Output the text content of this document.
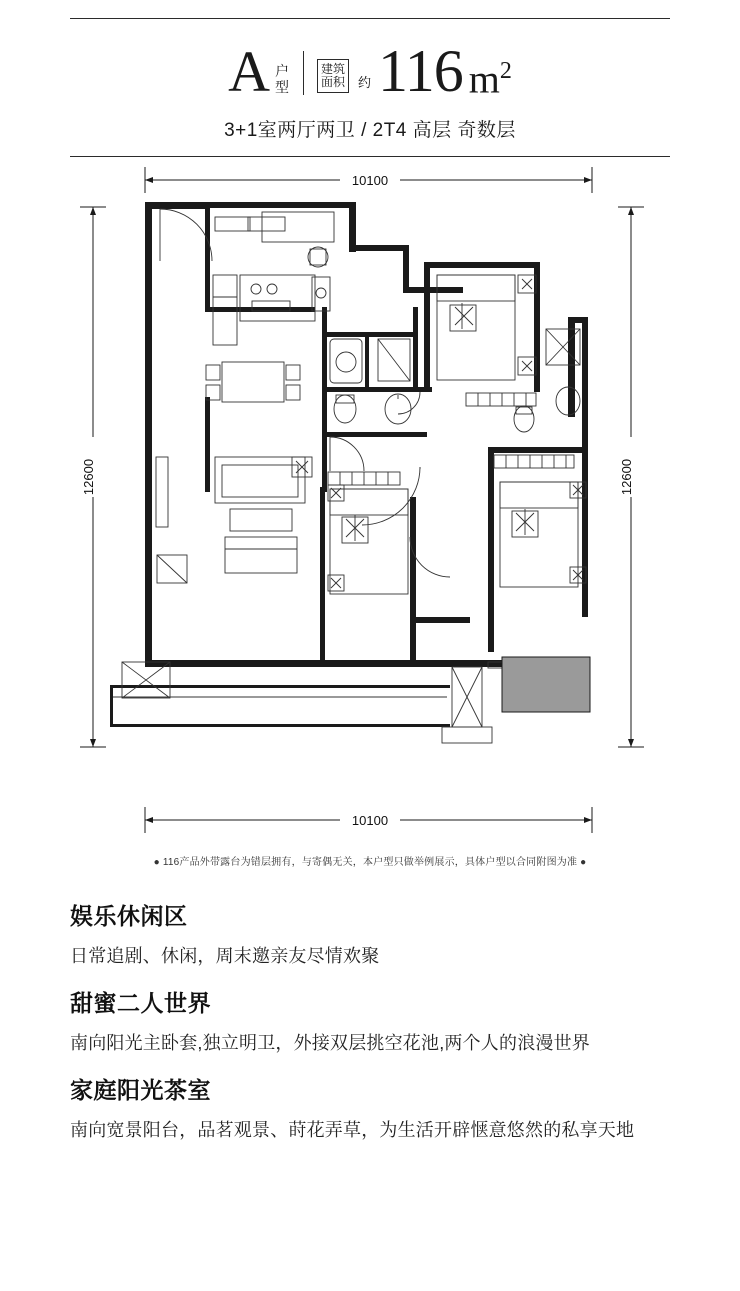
A 户
型
建筑
面积 约 116 $m^2$
3+1室两厅两卫 / 2T4 高层 奇数层
10100
10100
12600	12600
● 116产品外带露台为错层拥有，与寄偶无关，本户型只做举例展示，具体户型以合同附图为准 ●
娱乐休闲区

日常追剧、休闲，周末邀亲友尽情欢聚

甜蜜二人世界

南向阳光主卧套,独立明卫，外接双层挑空花池,两个人的浪漫世界

家庭阳光茶室

南向宽景阳台，品茗观景、莳花弄草，为生活开辟惬意悠然的私享天地
